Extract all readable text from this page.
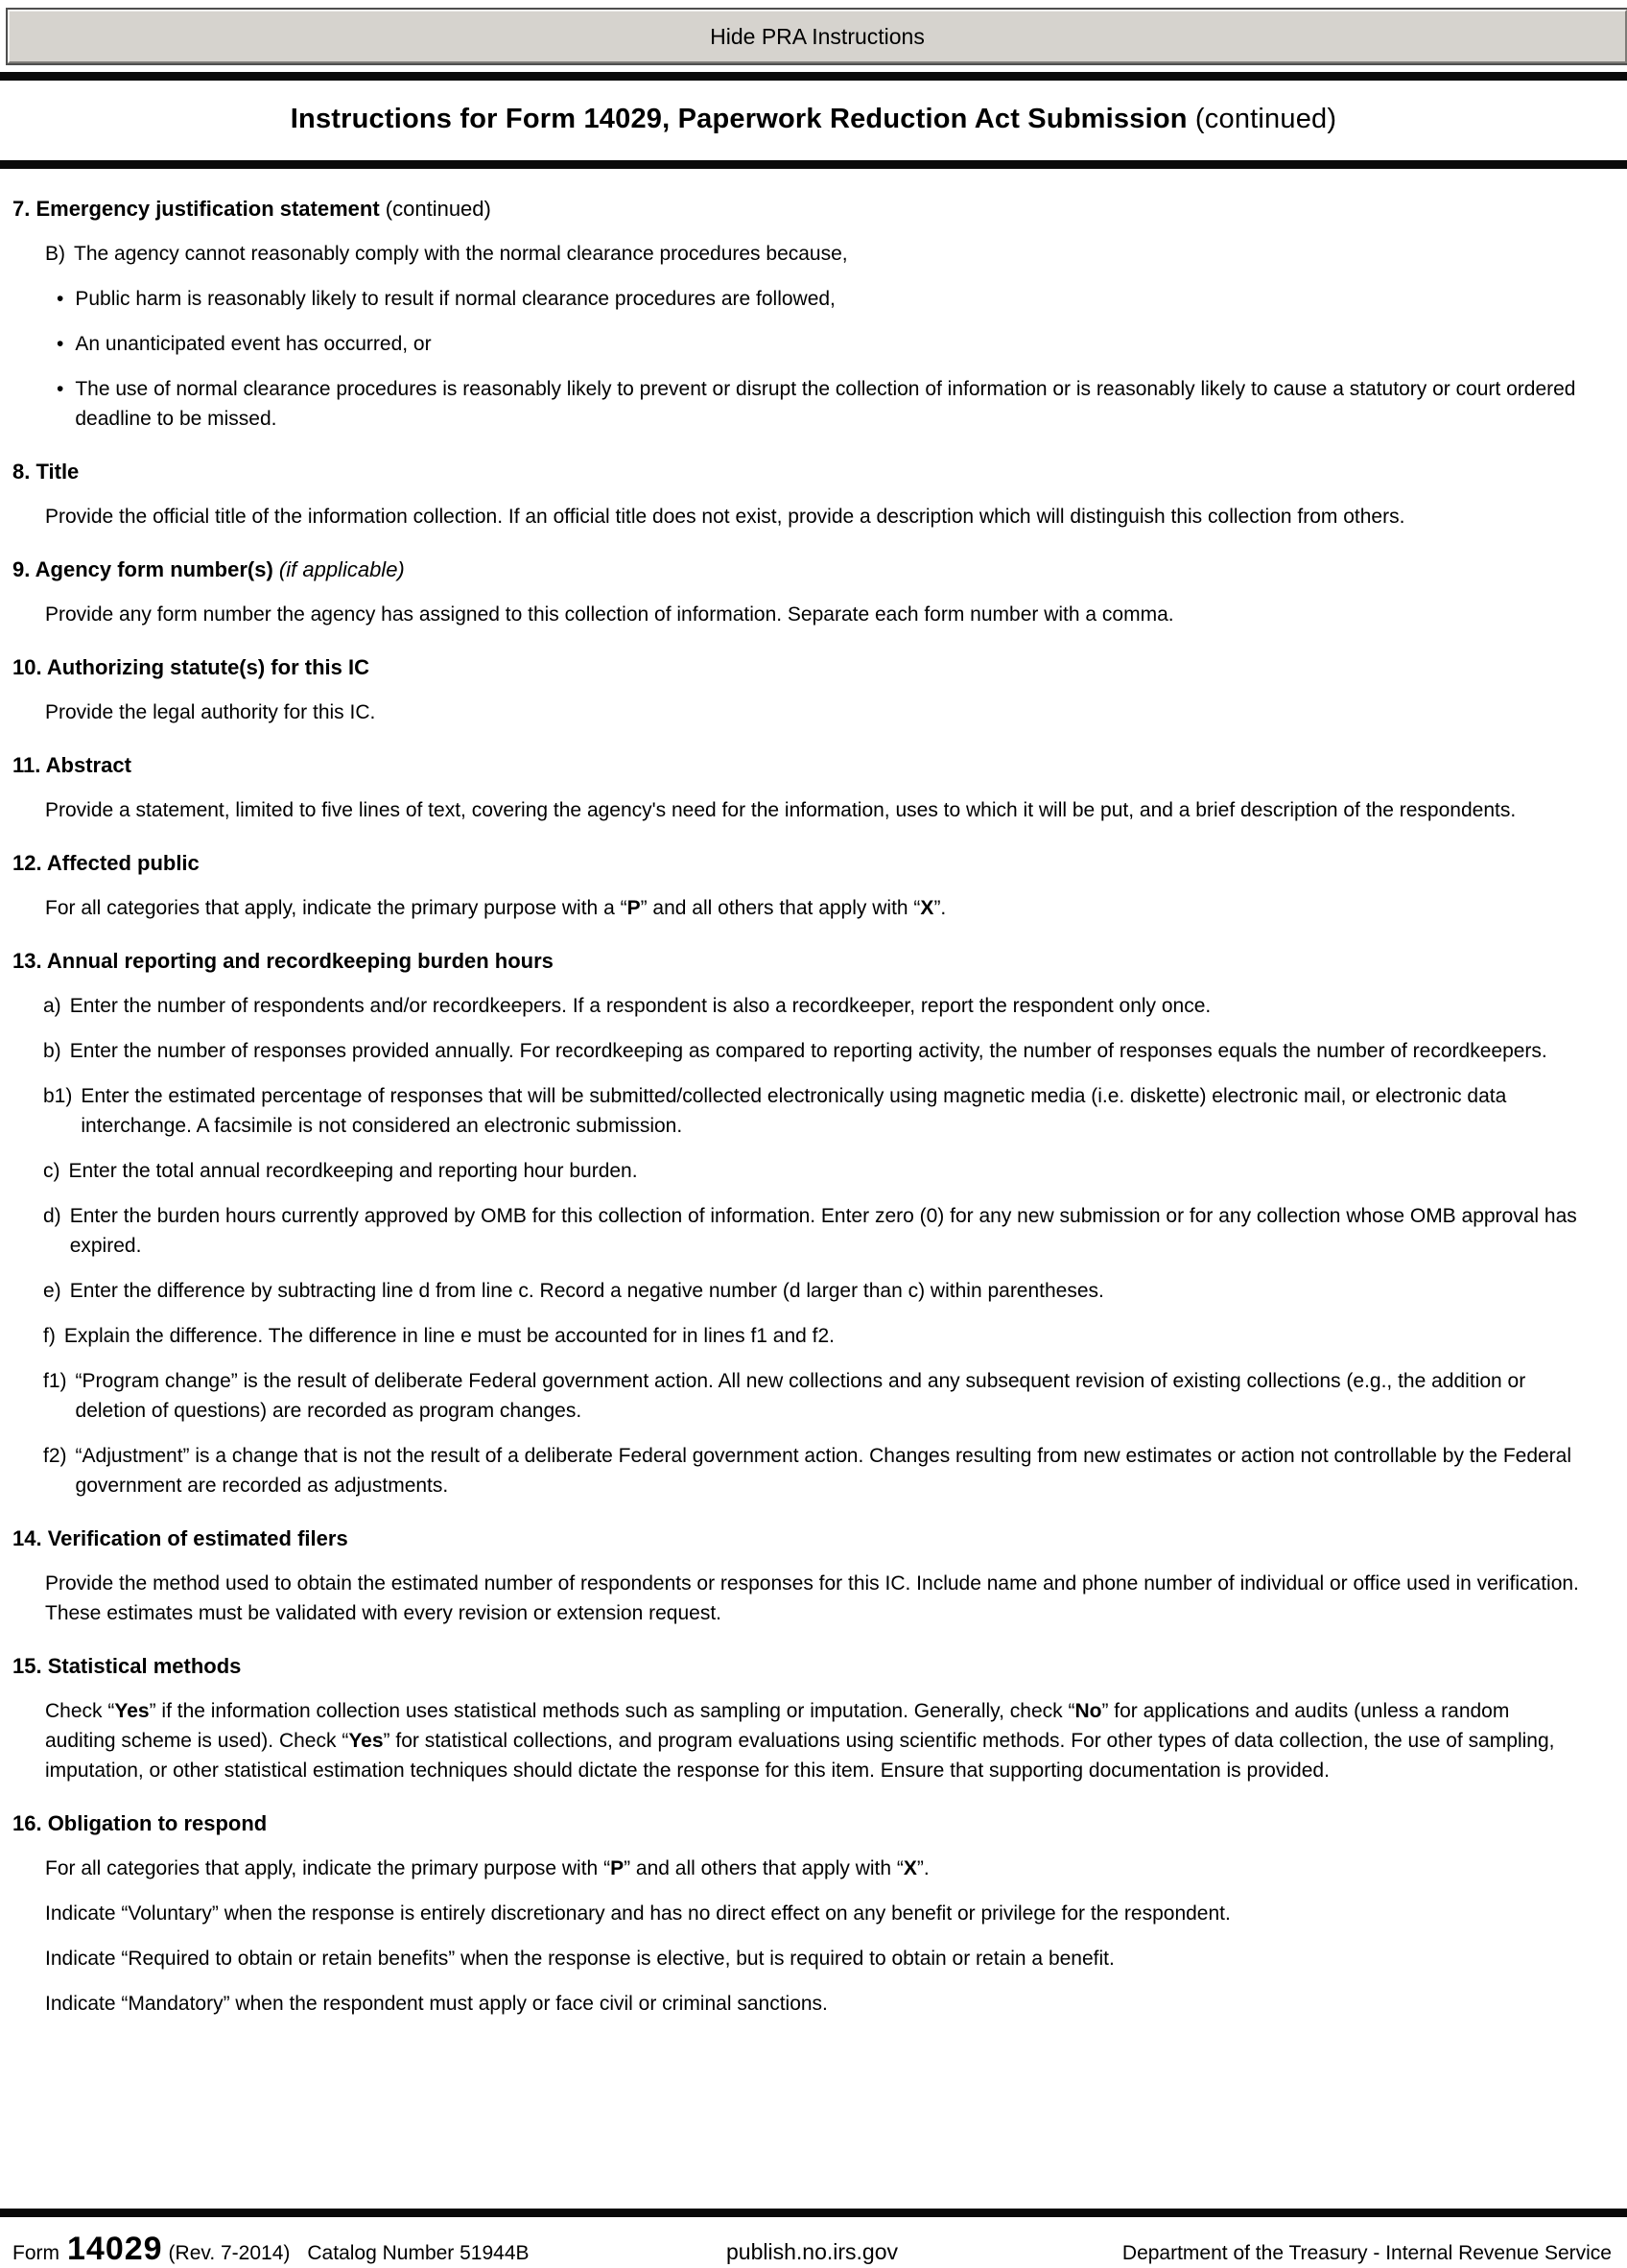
Hide PRA Instructions
Instructions for Form 14029, Paperwork Reduction Act Submission (continued)
7. Emergency justification statement (continued)
B) The agency cannot reasonably comply with the normal clearance procedures because,
• Public harm is reasonably likely to result if normal clearance procedures are followed,
• An unanticipated event has occurred, or
• The use of normal clearance procedures is reasonably likely to prevent or disrupt the collection of information or is reasonably likely to cause a statutory or court ordered deadline to be missed.
8. Title

Provide the official title of the information collection. If an official title does not exist, provide a description which will distinguish this collection from others.

9. Agency form number(s) (if applicable)

Provide any form number the agency has assigned to this collection of information. Separate each form number with a comma.

10. Authorizing statute(s) for this IC

Provide the legal authority for this IC.

11. Abstract

Provide a statement, limited to five lines of text, covering the agency's need for the information, uses to which it will be put, and a brief description of the respondents.

12. Affected public

For all categories that apply, indicate the primary purpose with a “P” and all others that apply with “X”.

13. Annual reporting and recordkeeping burden hours
a) Enter the number of respondents and/or recordkeepers. If a respondent is also a recordkeeper, report the respondent only once.
b) Enter the number of responses provided annually. For recordkeeping as compared to reporting activity, the number of responses equals the number of recordkeepers.
b1) Enter the estimated percentage of responses that will be submitted/collected electronically using magnetic media (i.e. diskette) electronic mail, or electronic data interchange. A facsimile is not considered an electronic submission.
c) Enter the total annual recordkeeping and reporting hour burden.
d) Enter the burden hours currently approved by OMB for this collection of information. Enter zero (0) for any new submission or for any collection whose OMB approval has expired.
e) Enter the difference by subtracting line d from line c. Record a negative number (d larger than c) within parentheses.
f) Explain the difference. The difference in line e must be accounted for in lines f1 and f2.
f1) “Program change” is the result of deliberate Federal government action. All new collections and any subsequent revision of existing collections (e.g., the addition or deletion of questions) are recorded as program changes.
f2) “Adjustment” is a change that is not the result of a deliberate Federal government action. Changes resulting from new estimates or action not controllable by the Federal government are recorded as adjustments.
14. Verification of estimated filers

Provide the method used to obtain the estimated number of respondents or responses for this IC. Include name and phone number of individual or office used in verification. These estimates must be validated with every revision or extension request.

15. Statistical methods

Check “Yes” if the information collection uses statistical methods such as sampling or imputation. Generally, check “No” for applications and audits (unless a random auditing scheme is used). Check “Yes” for statistical collections, and program evaluations using scientific methods. For other types of data collection, the use of sampling, imputation, or other statistical estimation techniques should dictate the response for this item. Ensure that supporting documentation is provided.

16. Obligation to respond

For all categories that apply, indicate the primary purpose with “P” and all others that apply with “X”.

Indicate “Voluntary” when the response is entirely discretionary and has no direct effect on any benefit or privilege for the respondent.

Indicate “Required to obtain or retain benefits” when the response is elective, but is required to obtain or retain a benefit.

Indicate “Mandatory” when the respondent must apply or face civil or criminal sanctions.

Form 14029 (Rev. 7-2014) Catalog Number 51944B	publish.no.irs.gov	Department of the Treasury - Internal Revenue Service
